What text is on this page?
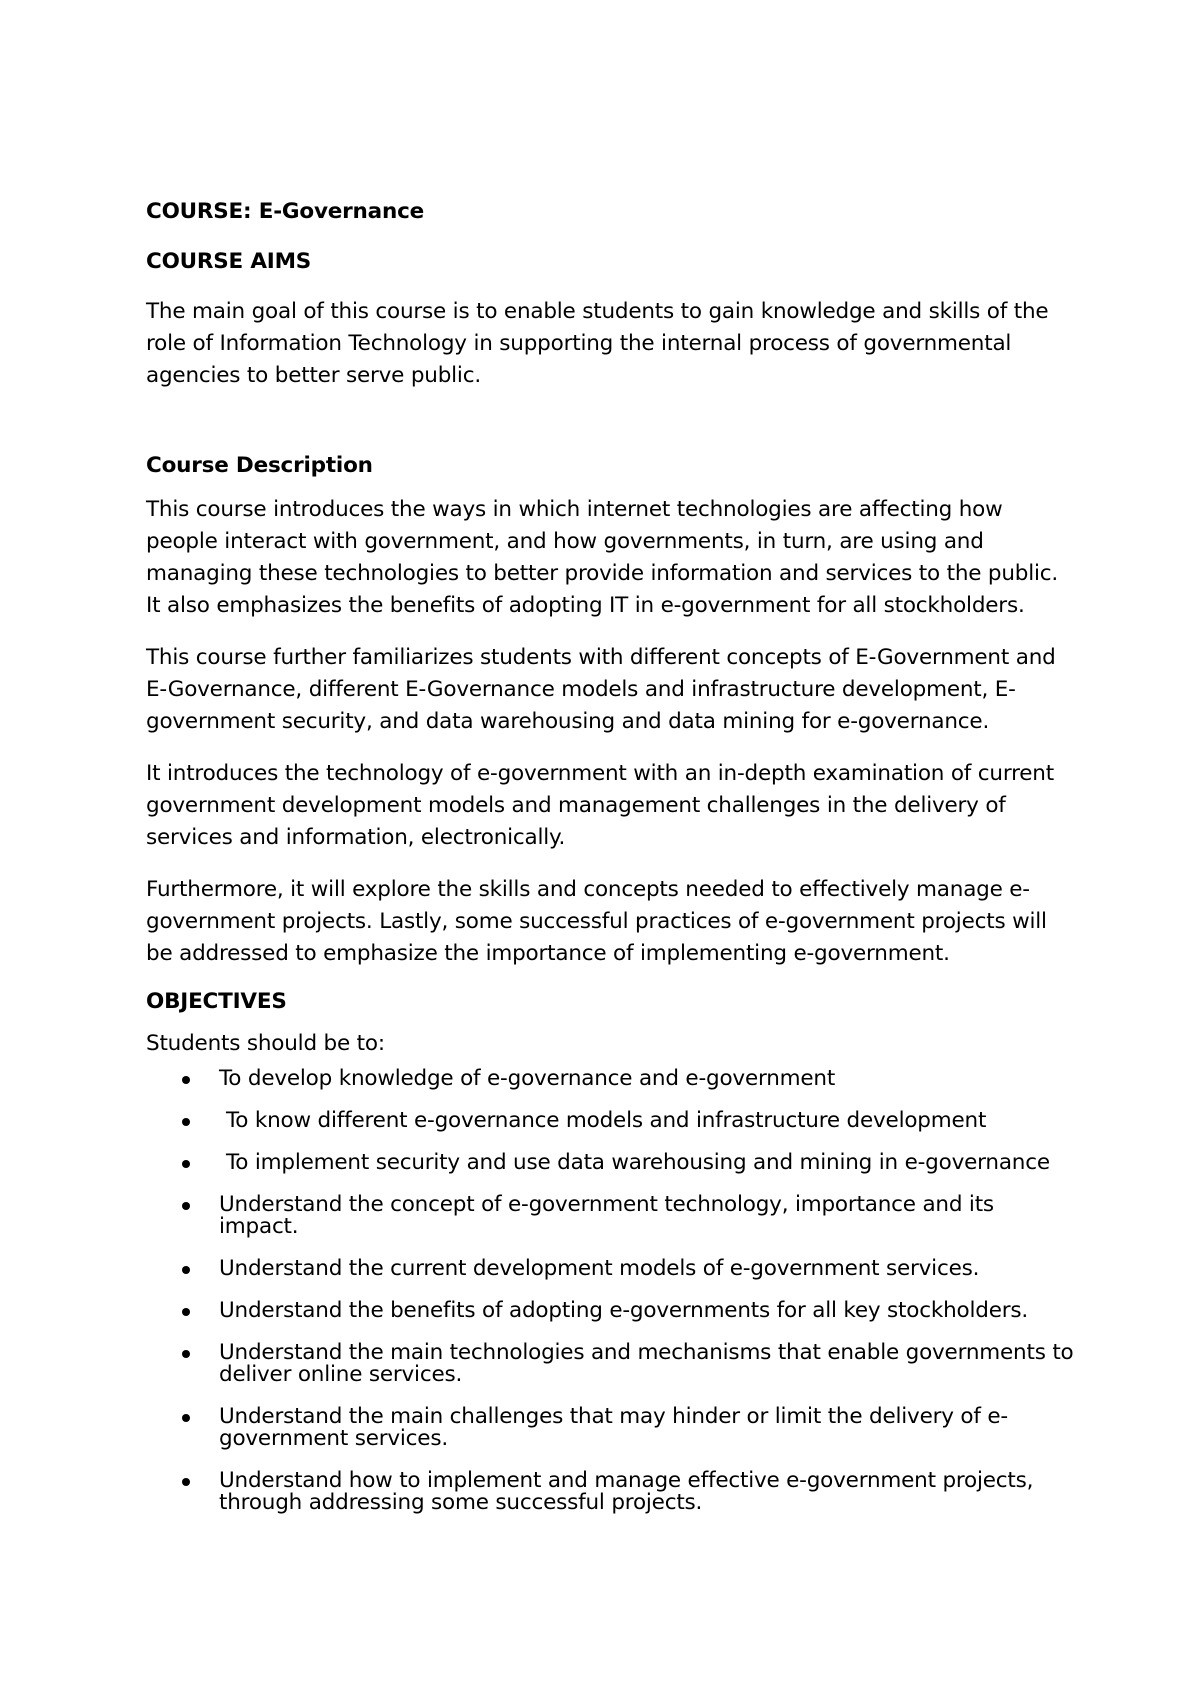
COURSE: E-Governance
COURSE AIMS
The main goal of this course is to enable students to gain knowledge and skills of the
role of Information Technology in supporting the internal process of governmental
agencies to better serve public.
Course Description
This course introduces the ways in which internet technologies are affecting how
people interact with government, and how governments, in turn, are using and
managing these technologies to better provide information and services to the public.
It also emphasizes the benefits of adopting IT in e-government for all stockholders.
This course further familiarizes students with different concepts of E-Government and
E-Governance, different E-Governance models and infrastructure development, E-
government security, and data warehousing and data mining for e-governance.
It introduces the technology of e-government with an in-depth examination of current
government development models and management challenges in the delivery of
services and information, electronically.
Furthermore, it will explore the skills and concepts needed to effectively manage e-
government projects. Lastly, some successful practices of e-government projects will
be addressed to emphasize the importance of implementing e-government.
OBJECTIVES
Students should be to:
To develop knowledge of e-governance and e-government
To know different e-governance models and infrastructure development
To implement security and use data warehousing and mining in e-governance
Understand the concept of e-government technology, importance and its
impact.
Understand the current development models of e-government services.
Understand the benefits of adopting e-governments for all key stockholders.
Understand the main technologies and mechanisms that enable governments to
deliver online services.
Understand the main challenges that may hinder or limit the delivery of e-
government services.
Understand how to implement and manage effective e-government projects,
through addressing some successful projects.
